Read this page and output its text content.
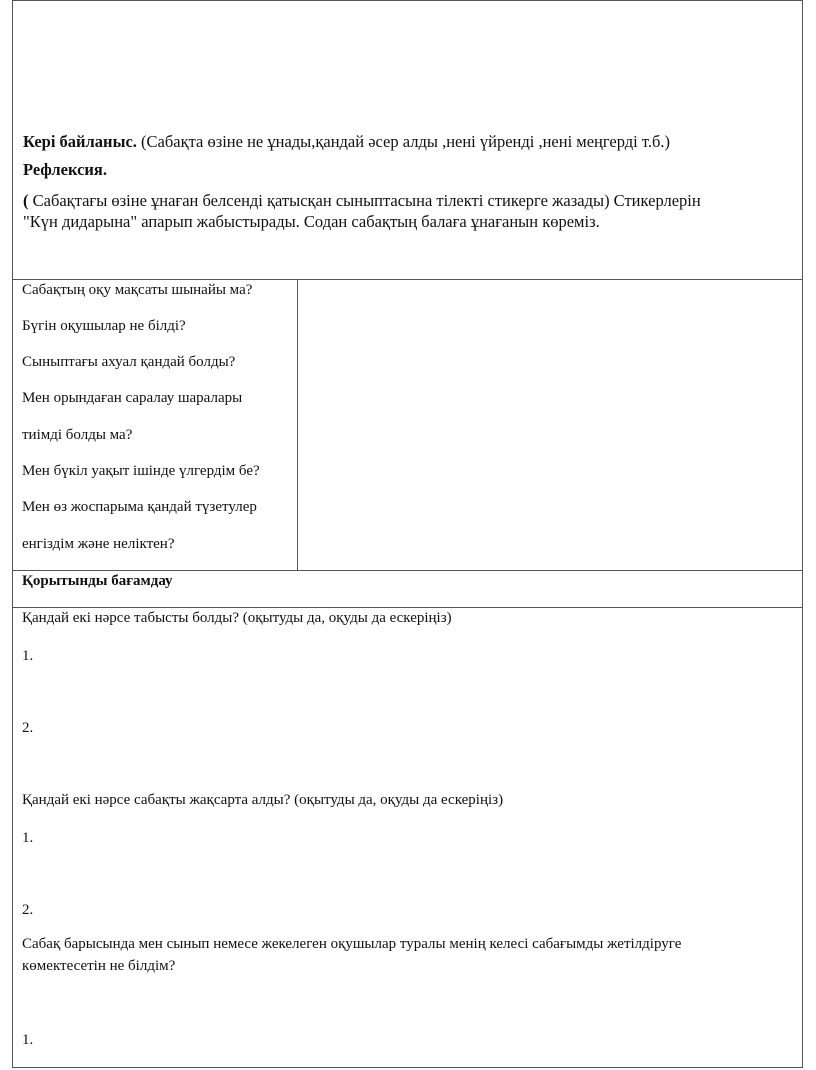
Кері байланыс. (Сабақта өзіне не ұнады,қандай әсер алды ,нені үйренді ,нені меңгерді т.б.)
Рефлексия.
( Сабақтағы өзіне ұнаған белсенді қатысқан сыныптасына тілекті стикерге жазады) Стикерлерін
"Күн дидарына" апарып жабыстырады. Содан сабақтың балаға ұнағанын көреміз.
Сабақтың оқу мақсаты шынайы ма?
Бүгін оқушылар не білді?
Сыныптағы ахуал қандай болды?
Мен орындаған саралау шаралары
тиімді болды ма?
Мен бүкіл уақыт ішінде үлгердім бе?
Мен өз жоспарыма қандай түзетулер
енгіздім және неліктен?
Қорытынды бағамдау
Қандай екі нәрсе табысты болды? (оқытуды да, оқуды да ескеріңіз)
1.
2.
Қандай екі нәрсе сабақты жақсарта алды? (оқытуды да, оқуды да ескеріңіз)
1.
2.
Сабақ барысында мен сынып немесе жекелеген оқушылар туралы менің келесі сабағымды жетілдіруге
көмектесетін не білдім?
1.
